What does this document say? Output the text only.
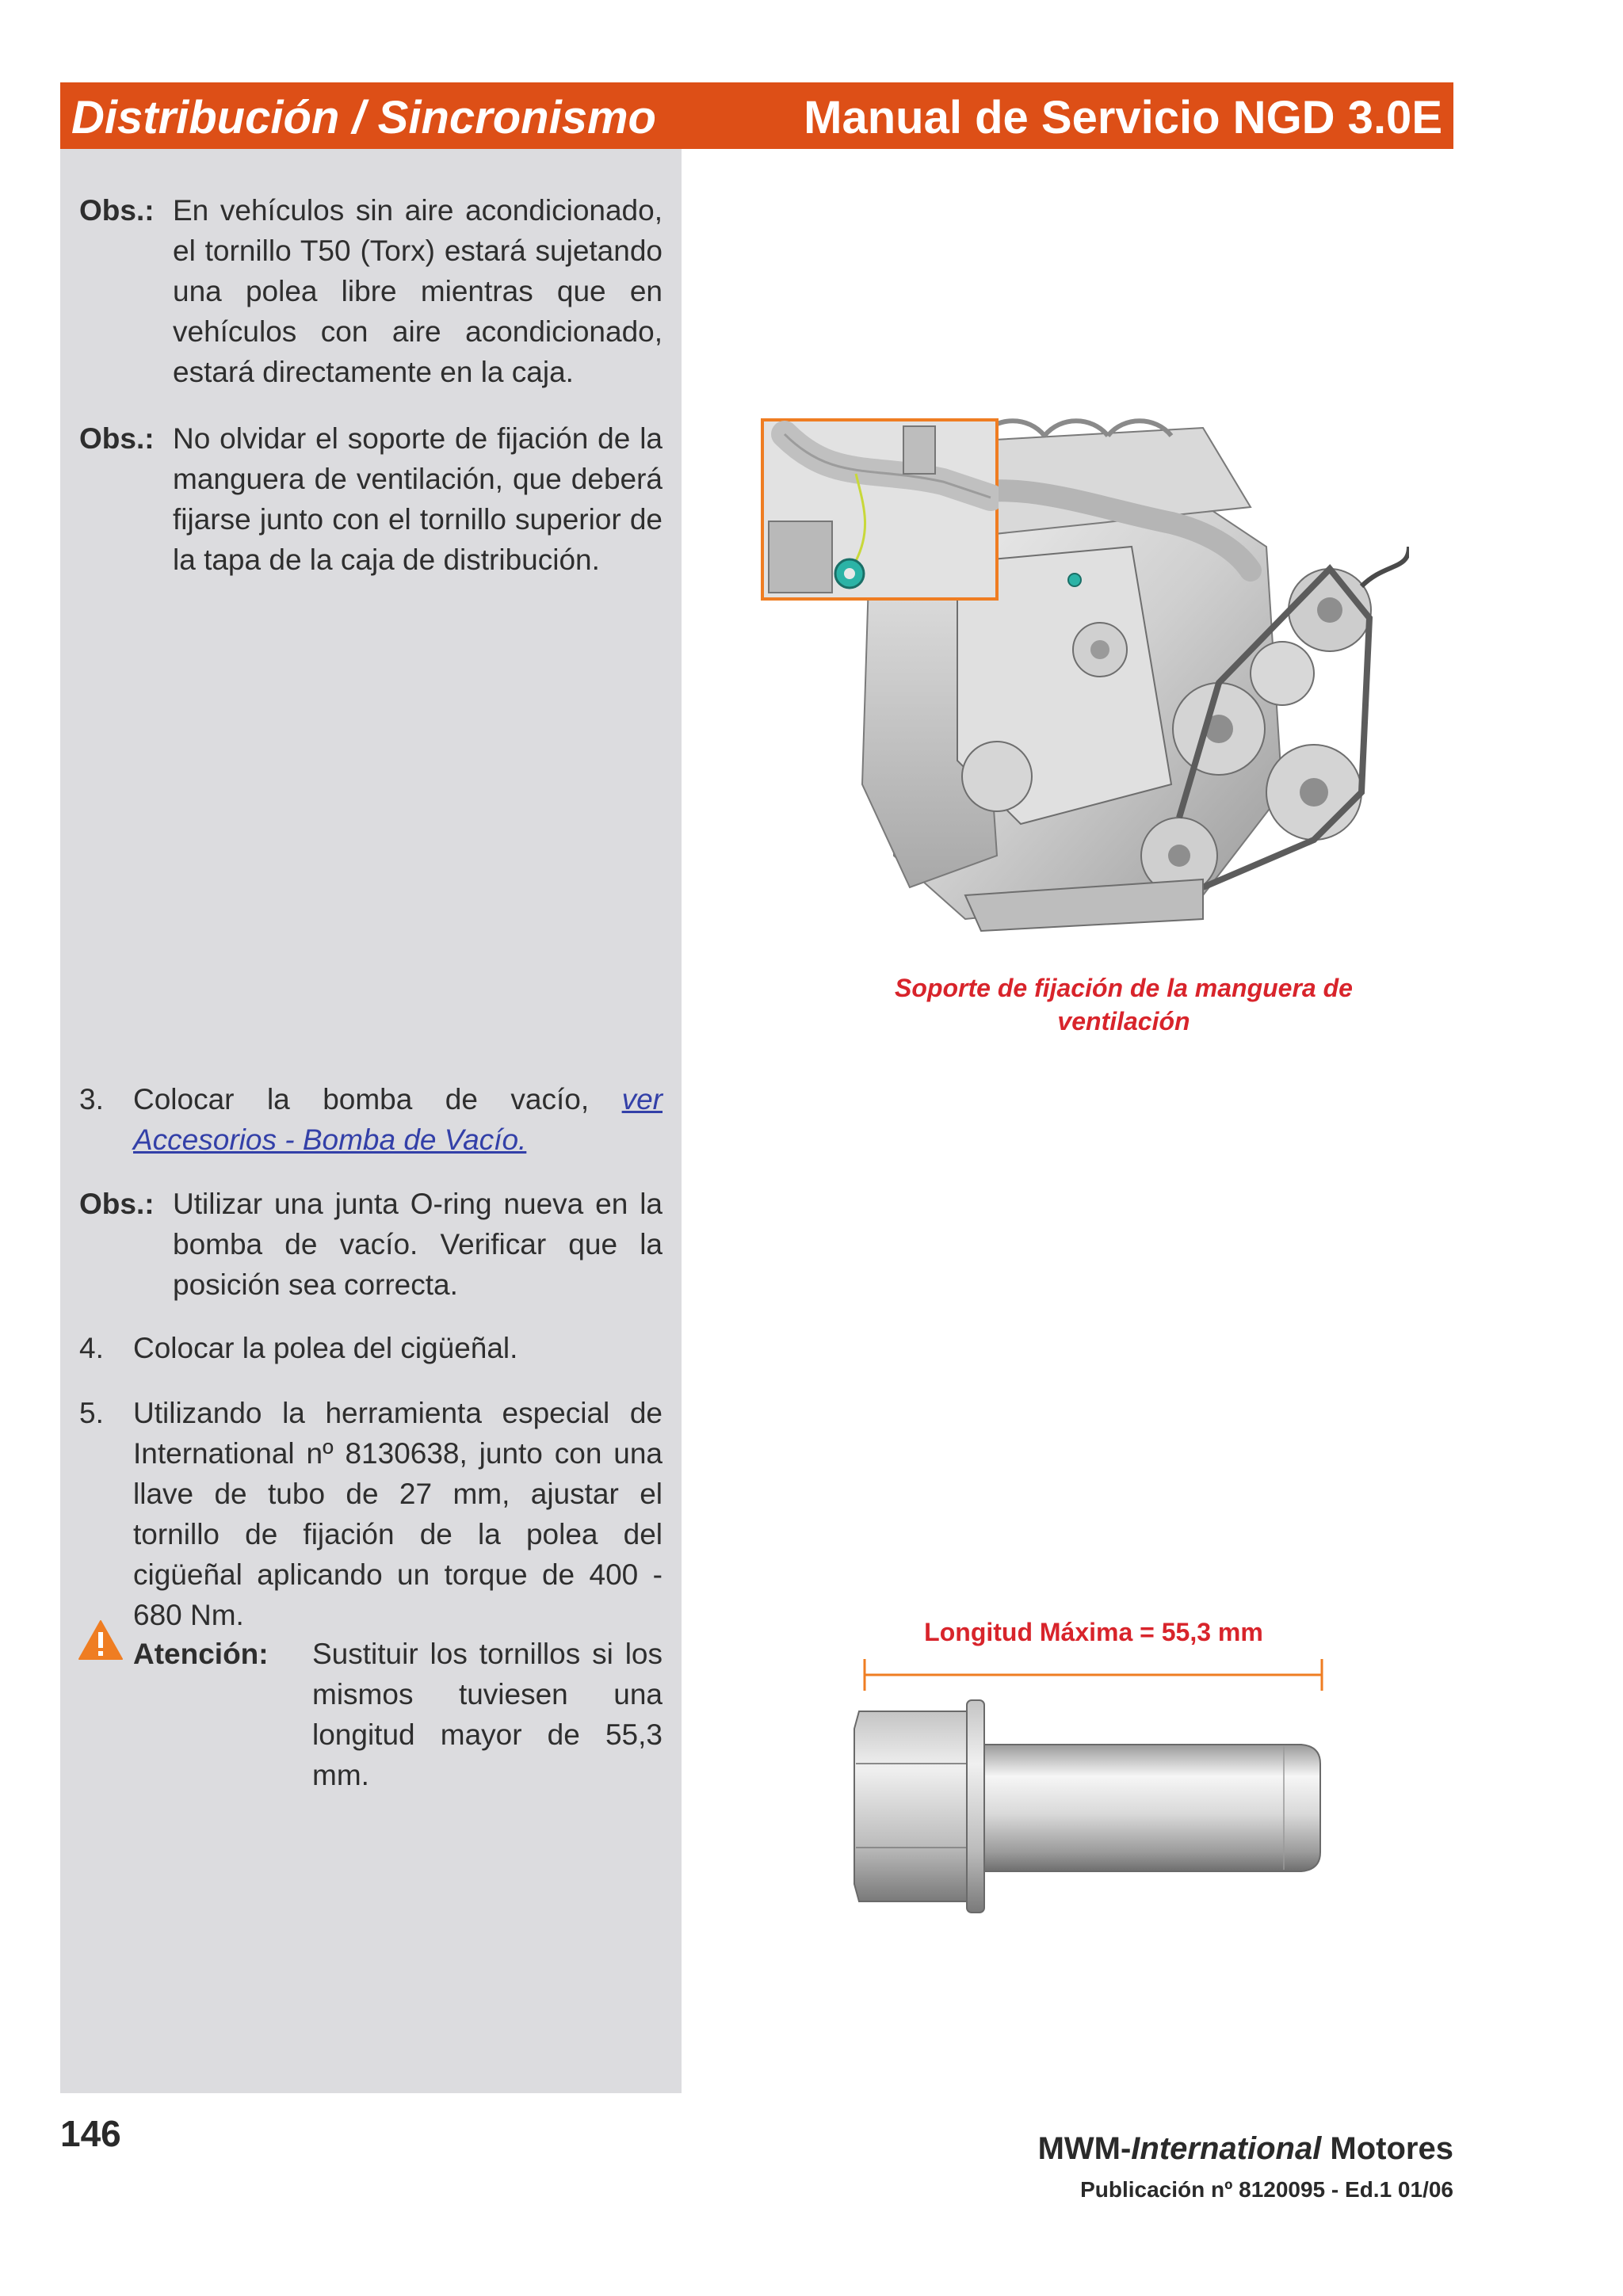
Distribución / Sincronismo	Manual de Servicio NGD 3.0E
Obs.: En vehículos sin aire acondicionado, el tornillo T50 (Torx) estará sujetando una polea libre mientras que en vehículos con aire acondicionado, estará directamente en la caja.
Obs.: No olvidar el soporte de fijación de la manguera de ventilación, que deberá fijarse junto con el tornillo superior de la tapa de la caja de distribución.
3. Colocar la bomba de vacío, ver Accesorios - Bomba de Vacío.
Obs.: Utilizar una junta O-ring nueva en la bomba de vacío. Verificar que la posición sea correcta.
4. Colocar la polea del cigüeñal.
5. Utilizando la herramienta especial de International nº 8130638, junto con una llave de tubo de 27 mm, ajustar el tornillo de fijación de la polea del cigüeñal aplicando un torque de 400 - 680 Nm.
Atención: Sustituir los tornillos si los mismos tuviesen una longitud mayor de 55,3 mm.
Soporte de fijación de la manguera de ventilación
Longitud Máxima = 55,3 mm
146	MWM-International Motores
Publicación nº 8120095 - Ed.1 01/06
